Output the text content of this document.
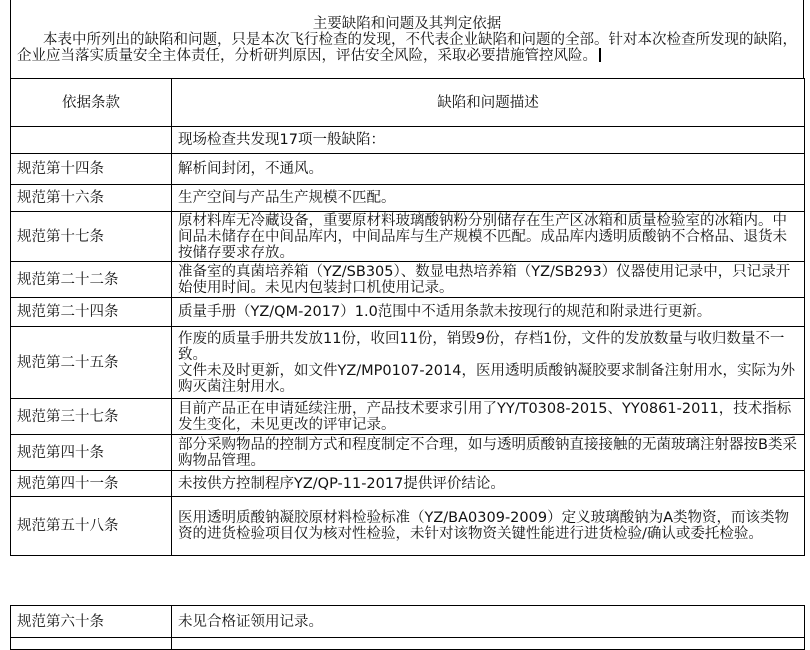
主要缺陷和问题及其判定依据
本表中所列出的缺陷和问题，只是本次飞行检查的发现，不代表企业缺陷和问题的全部。针对本次检查所发现的缺陷，企业应当落实质量安全主体责任，分析研判原因，评估安全风险，采取必要措施管控风险。
依据条款	缺陷和问题描述
	现场检查共发现17项一般缺陷：
规范第十四条	解析间封闭，不通风。
规范第十六条	生产空间与产品生产规模不匹配。
规范第十七条	原材料库无冷藏设备，重要原材料玻璃酸钠粉分别储存在生产区冰箱和质量检验室的冰箱内。中间品未储存在中间品库内，中间品库与生产规模不匹配。成品库内透明质酸钠不合格品、退货未按储存要求存放。
规范第二十二条	准备室的真菌培养箱（YZ/SB305）、数显电热培养箱（YZ/SB293）仪器使用记录中，只记录开始使用时间。未见内包装封口机使用记录。
规范第二十四条	质量手册（YZ/QM-2017）1.0范围中不适用条款未按现行的规范和附录进行更新。
规范第二十五条	作废的质量手册共发放11份，收回11份，销毁9份，存档1份，文件的发放数量与收归数量不一致。
文件未及时更新，如文件YZ/MP0107-2014，医用透明质酸钠凝胶要求制备注射用水，实际为外购灭菌注射用水。

规范第三十七条	目前产品正在申请延续注册，产品技术要求引用了YY/T0308-2015、YY0861-2011，技术指标发生变化，未见更改的评审记录。
规范第四十条	部分采购物品的控制方式和程度制定不合理，如与透明质酸钠直接接触的无菌玻璃注射器按B类采购物品管理。
规范第四十一条	未按供方控制程序YZ/QP-11-2017提供评价结论。
规范第五十八条	医用透明质酸钠凝胶原材料检验标准（YZ/BA0309-2009）定义玻璃酸钠为A类物资，而该类物资的进货检验项目仅为核对性检验，未针对该物资关键性能进行进货检验/确认或委托检验。
规范第六十条	未见合格证领用记录。
